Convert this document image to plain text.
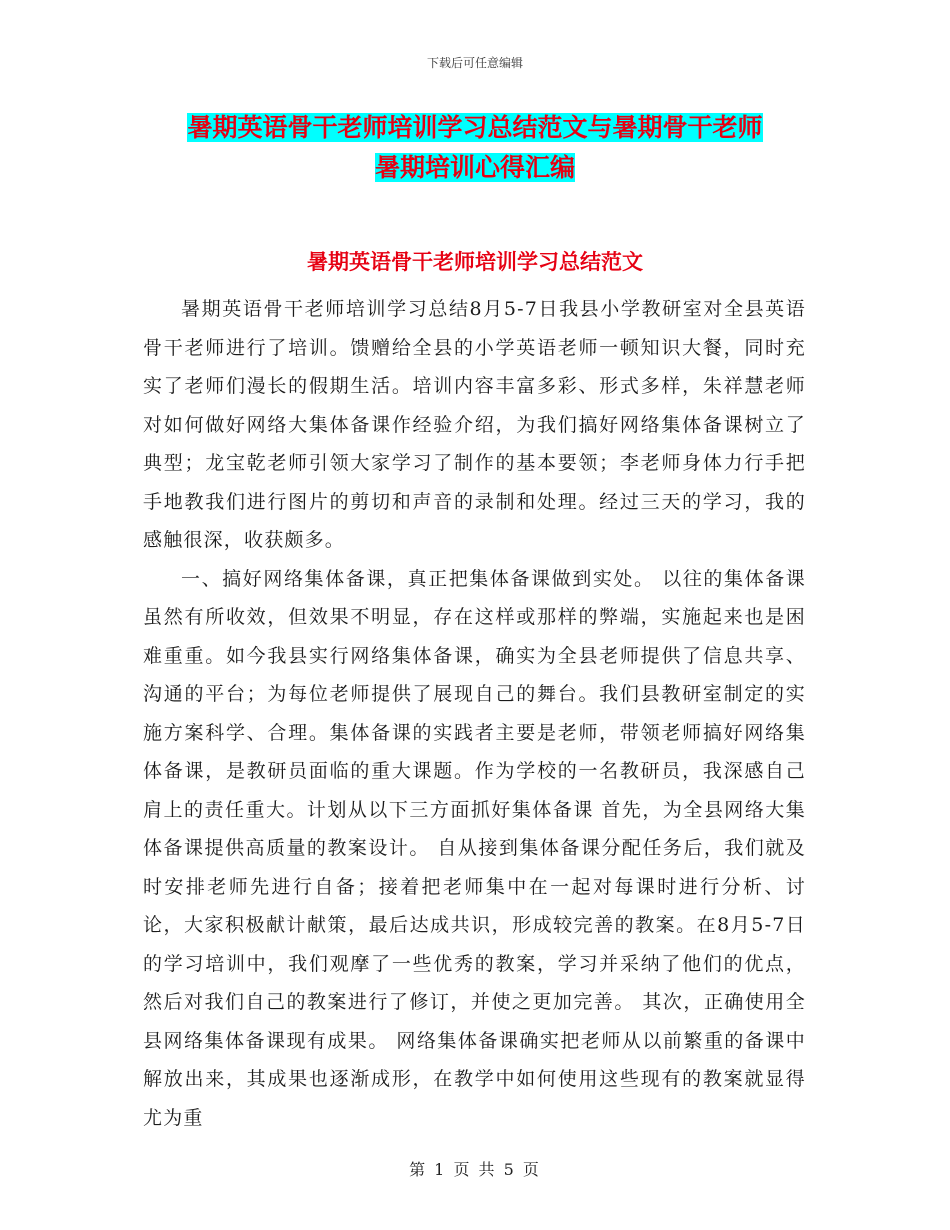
下载后可任意编辑
暑期英语骨干老师培训学习总结范文与暑期骨干老师
暑期培训心得汇编
暑期英语骨干老师培训学习总结范文

暑期英语骨干老师培训学习总结8月5-7日我县小学教研室对全县英语骨干老师进行了培训。馈赠给全县的小学英语老师一顿知识大餐，同时充实了老师们漫长的假期生活。培训内容丰富多彩、形式多样，朱祥慧老师对如何做好网络大集体备课作经验介绍，为我们搞好网络集体备课树立了典型；龙宝乾老师引领大家学习了制作的基本要领；李老师身体力行手把手地教我们进行图片的剪切和声音的录制和处理。经过三天的学习，我的感触很深，收获颇多。

一、搞好网络集体备课，真正把集体备课做到实处。 以往的集体备课虽然有所收效，但效果不明显，存在这样或那样的弊端，实施起来也是困难重重。如今我县实行网络集体备课，确实为全县老师提供了信息共享、沟通的平台；为每位老师提供了展现自己的舞台。我们县教研室制定的实施方案科学、合理。集体备课的实践者主要是老师，带领老师搞好网络集体备课，是教研员面临的重大课题。作为学校的一名教研员，我深感自己肩上的责任重大。计划从以下三方面抓好集体备课 首先，为全县网络大集体备课提供高质量的教案设计。 自从接到集体备课分配任务后，我们就及时安排老师先进行自备；接着把老师集中在一起对每课时进行分析、讨论，大家积极献计献策，最后达成共识，形成较完善的教案。在8月5-7日的学习培训中，我们观摩了一些优秀的教案，学习并采纳了他们的优点，然后对我们自己的教案进行了修订，并使之更加完善。 其次，正确使用全县网络集体备课现有成果。 网络集体备课确实把老师从以前繁重的备课中解放出来，其成果也逐渐成形，在教学中如何使用这些现有的教案就显得尤为重

第 1 页 共 5 页
